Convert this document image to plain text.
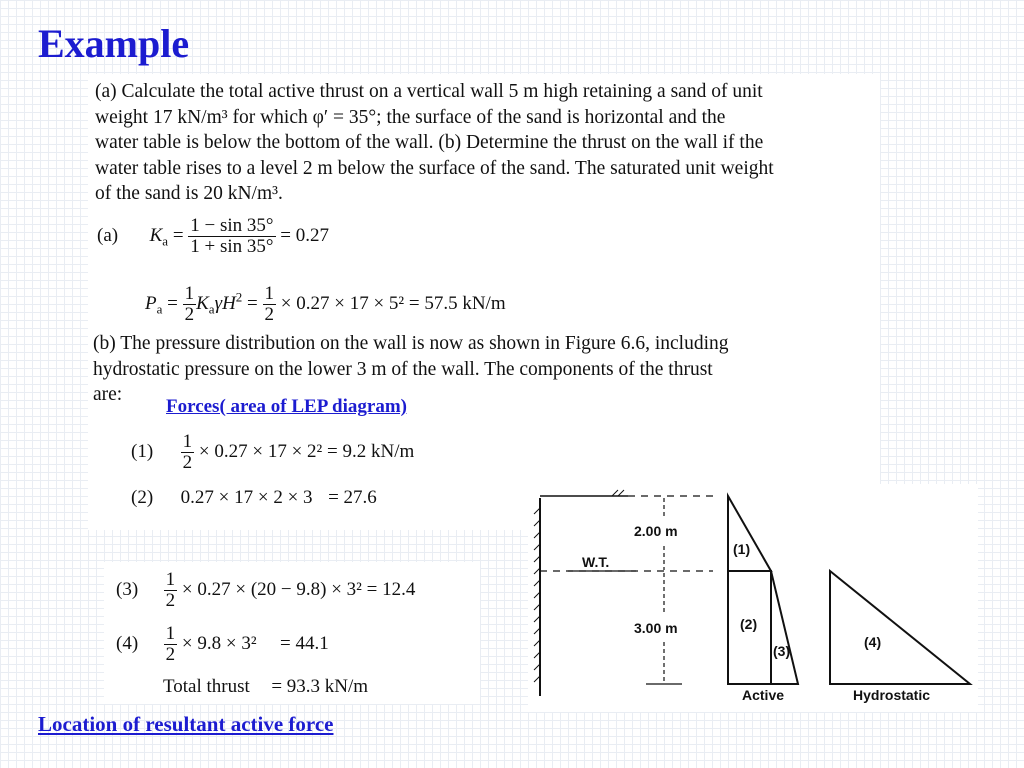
Example

(a) Calculate the total active thrust on a vertical wall 5 m high retaining a sand of unit
weight 17 kN/m³ for which φ′ = 35°; the surface of the sand is horizontal and the
water table is below the bottom of the wall. (b) Determine the thrust on the wall if the
water table rises to a level 2 m below the surface of the sand. The saturated unit weight
of the sand is 20 kN/m³.

(a) $K_a = \frac{1 - \sin 35^\circ}{1 + \sin 35^\circ} = 0.27$
$P_a = \frac{1}{2} K_a\gamma H^2 = \frac{1}{2} \times 0.27 \times 17 \times 5^2 = 57.5$ kN/m

(b) The pressure distribution on the wall is now as shown in Figure 6.6, including
hydrostatic pressure on the lower 3 m of the wall. The components of the thrust
are:

Forces( area of LEP diagram)
$(1) \frac{1}{2} \times 0.27 \times 17 \times 2^2 = 9.2$ kN/m
(2) 0.27 × 17 × 2 × 3 = 27.6
$(3) \frac{1}{2} \times 0.27 \times (20 - 9.8) \times 3^2 = 12.4$
$(4) \frac{1}{2} \times 9.8 \times 3^2 = 44.1$
Total thrust = 93.3 kN/m
2.00 m
3.00 m
W.T.
(1)
(2)
(3)
(4)
Active	Hydrostatic
Location of resultant active force
